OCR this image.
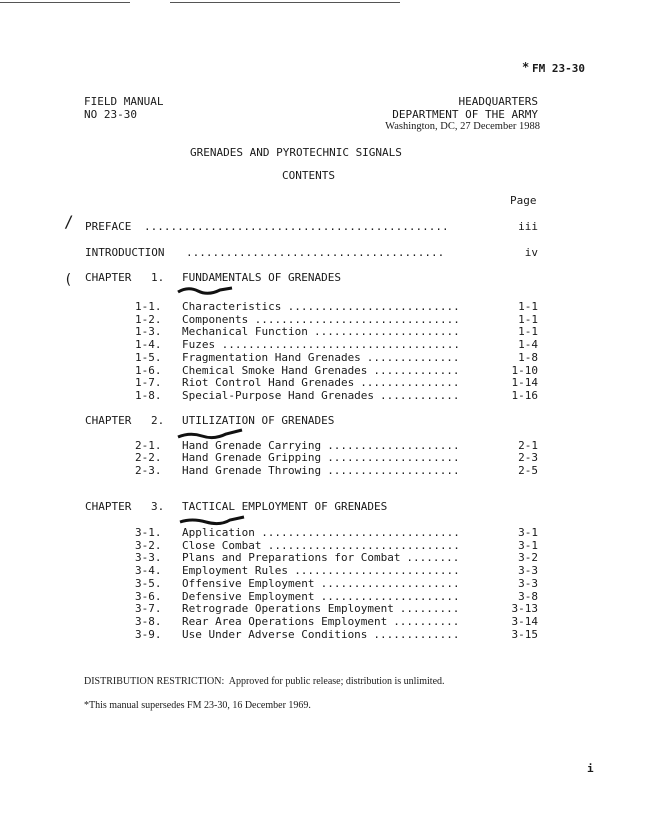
FM 23-30
*
FIELD MANUAL
NO 23-30
HEADQUARTERS
DEPARTMENT OF THE ARMY
Washington, DC, 27 December 1988
GRENADES AND PYROTECHNIC SIGNALS
CONTENTS
Page
/
(
PREFACE ..............................................	iii
INTRODUCTION .......................................	iv
CHAPTER 1. FUNDAMENTALS OF GRENADES
1-1. Characteristics ..........................	1-1
1-2. Components ...............................	1-1
1-3. Mechanical Function ......................	1-1
1-4. Fuzes ....................................	1-4
1-5. Fragmentation Hand Grenades ..............	1-8
1-6. Chemical Smoke Hand Grenades .............	1-10
1-7. Riot Control Hand Grenades ...............	1-14
1-8. Special-Purpose Hand Grenades ............	1-16
CHAPTER 2. UTILIZATION OF GRENADES
2-1. Hand Grenade Carrying ....................	2-1
2-2. Hand Grenade Gripping ....................	2-3
2-3. Hand Grenade Throwing ....................	2-5
CHAPTER 3. TACTICAL EMPLOYMENT OF GRENADES
3-1. Application ..............................	3-1
3-2. Close Combat .............................	3-1
3-3. Plans and Preparations for Combat ........	3-2
3-4. Employment Rules .........................	3-3
3-5. Offensive Employment .....................	3-3
3-6. Defensive Employment .....................	3-8
3-7. Retrograde Operations Employment .........	3-13
3-8. Rear Area Operations Employment ..........	3-14
3-9. Use Under Adverse Conditions .............	3-15
DISTRIBUTION RESTRICTION:  Approved for public release; distribution is unlimited.
*This manual supersedes FM 23-30, 16 December 1969.
i
